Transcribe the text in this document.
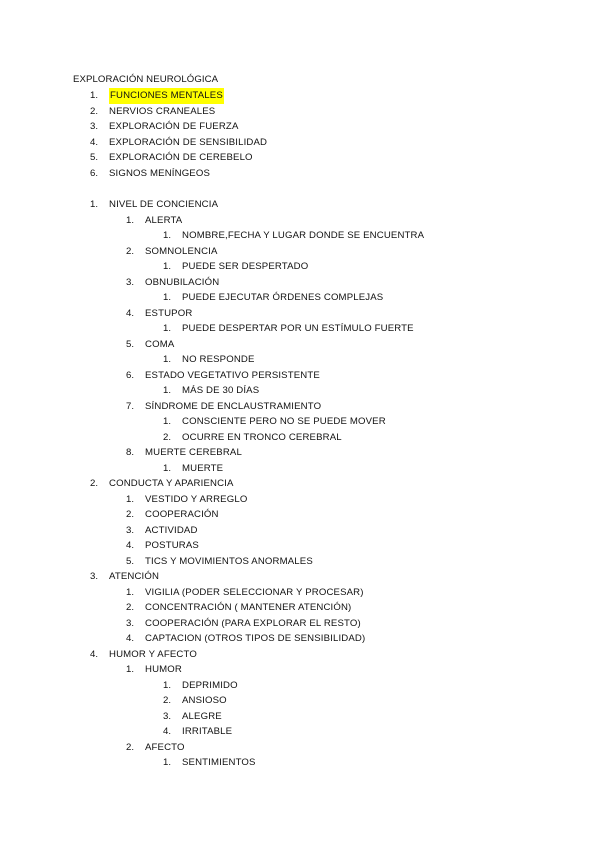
EXPLORACIÓN NEUROLÓGICA
1. FUNCIONES MENTALES
2. NERVIOS CRANEALES
3. EXPLORACIÓN DE FUERZA
4. EXPLORACIÓN DE SENSIBILIDAD
5. EXPLORACIÓN DE CEREBELO
6. SIGNOS MENÍNGEOS
1. NIVEL DE CONCIENCIA
1. ALERTA
1. NOMBRE,FECHA Y LUGAR DONDE SE ENCUENTRA
2. SOMNOLENCIA
1. PUEDE SER DESPERTADO
3. OBNUBILACIÓN
1. PUEDE EJECUTAR ÓRDENES COMPLEJAS
4. ESTUPOR
1. PUEDE DESPERTAR POR UN ESTÍMULO FUERTE
5. COMA
1. NO RESPONDE
6. ESTADO VEGETATIVO PERSISTENTE
1. MÁS DE 30 DÍAS
7. SÍNDROME DE ENCLAUSTRAMIENTO
1. CONSCIENTE PERO NO SE PUEDE MOVER
2. OCURRE EN TRONCO CEREBRAL
8. MUERTE CEREBRAL
1. MUERTE
2. CONDUCTA Y APARIENCIA
1. VESTIDO Y ARREGLO
2. COOPERACIÓN
3. ACTIVIDAD
4. POSTURAS
5. TICS Y MOVIMIENTOS ANORMALES
3. ATENCIÓN
1. VIGILIA (PODER SELECCIONAR Y PROCESAR)
2. CONCENTRACIÓN ( MANTENER ATENCIÓN)
3. COOPERACIÓN (PARA EXPLORAR EL RESTO)
4. CAPTACION (OTROS TIPOS DE SENSIBILIDAD)
4. HUMOR Y AFECTO
1. HUMOR
1. DEPRIMIDO
2. ANSIOSO
3. ALEGRE
4. IRRITABLE
2. AFECTO
1. SENTIMIENTOS
